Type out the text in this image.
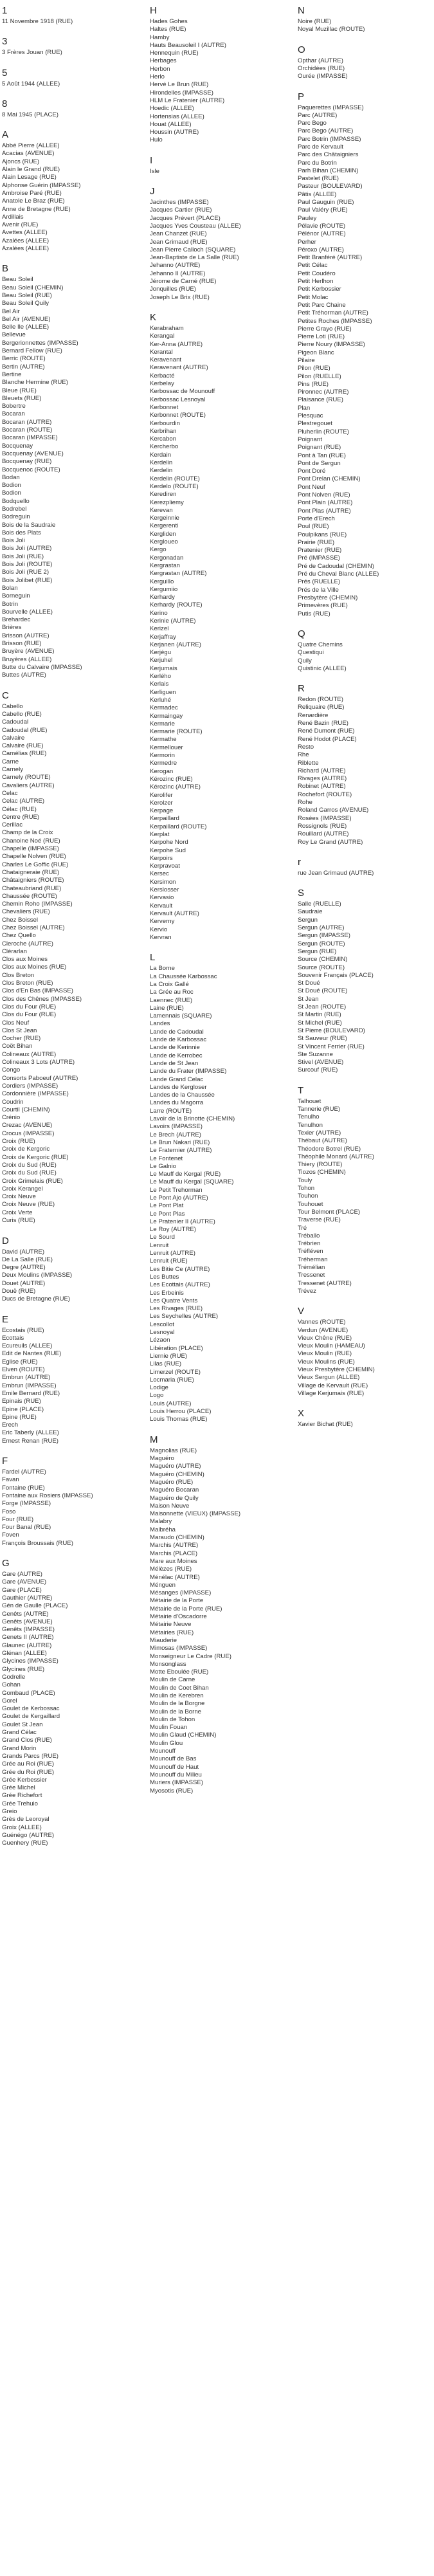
1
11 Novembre 1918 (RUE)
3
3 Frères Jouan (RUE)
5
5 Août 1944 (ALLEE)
8
8 Mai 1945 (PLACE)
A
Abbé Pierre (ALLEE)
Acacias (AVENUE)
Ajoncs (RUE)
Alain le Grand (RUE)
Alain Lesage (RUE)
Alphonse Guérin (IMPASSE)
Ambroise Paré (RUE)
Anatole Le Braz (RUE)
Anne de Bretagne (RUE)
Ardillais
Avenir (RUE)
Avettes (ALLEE)
Azalées (ALLEE)
Azalées (ALLEE)
B
Beau Soleil
Beau Soleil (CHEMIN)
Beau Soleil (RUE)
Beau Soleil Quily
Bel Air
Bel Air (AVENUE)
Belle Ile (ALLEE)
Bellevue
Bergerionnettes (IMPASSE)
Bernard Fellow (RUE)
Berric (ROUTE)
Bertin (AUTRE)
Bertine
Blanche Hermine (RUE)
Bleue (RUE)
Bleuets (RUE)
Bobertre
Bocaran
Bocaran (AUTRE)
Bocaran (ROUTE)
Bocaran (IMPASSE)
Bocquenay
Bocquenay (AVENUE)
Bocquenay (RUE)
Bocquenoc (ROUTE)
Bodan
Bodion
Bodion
Bodquello
Bodrebel
Bodreguin
Bois de la Saudraie
Bois des Plats
Bois Joli
Bois Joli (AUTRE)
Bois Joli (RUE)
Bois Joli (ROUTE)
Bois Joli (RUE 2)
Bois Jolibet (RUE)
Bolan
Borneguin
Botrin
Bourvelle (ALLEE)
Brehardec
Brières
Brisson (AUTRE)
Brisson (RUE)
Bruyère (AVENUE)
Bruyères (ALLEE)
Butte du Calvaire (IMPASSE)
Buttes (AUTRE)
C
Cabello
Cabello (RUE)
Cadoudal
Cadoudal (RUE)
Calvaire
Calvaire (RUE)
Camélias (RUE)
Carne
Carnely
Carnely (ROUTE)
Cavaliers (AUTRE)
Celac
Celac (AUTRE)
Célac (RUE)
Centre (RUE)
Cerillac
Champ de la Croix
Chanoine Noé (RUE)
Chapelle (IMPASSE)
Chapelle Nolven (RUE)
Charles Le Goffic (RUE)
Chataigneraie (RUE)
Châtaigniers (ROUTE)
Chateaubriand (RUE)
Chaussée (ROUTE)
Chemin Roho (IMPASSE)
Chevaliers (RUE)
Chez Boissel
Chez Boissel (AUTRE)
Chez Quello
Cleroche (AUTRE)
Clérarlan
Clos aux Moines
Clos aux Moines (RUE)
Clos Breton
Clos Breton (RUE)
Clos d'En Bas (IMPASSE)
Clos des Chênes (IMPASSE)
Clos du Four (RUE)
Clos du Four (RUE)
Clos Neuf
Clos St Jean
Cocher (RUE)
Coët Bihan
Colineaux (AUTRE)
Colineaux 3 Lots (AUTRE)
Congo
Consorts Paboeuf (AUTRE)
Cordiers (IMPASSE)
Cordonnière (IMPASSE)
Coudrin
Courtil (CHEMIN)
Crénio
Crezac (AVENUE)
Crocus (IMPASSE)
Croix (RUE)
Croix de Kergoric
Croix de Kergoric (RUE)
Croix du Sud (RUE)
Croix du Sud (RUE)
Croix Grimelais (RUE)
Croix Kerangel
Croix Neuve
Croix Neuve (RUE)
Croix Verte
Curis (RUE)
D
David (AUTRE)
De La Salle (RUE)
Degre (AUTRE)
Deux Moulins (IMPASSE)
Douet (AUTRE)
Douë (RUE)
Ducs de Bretagne (RUE)
E
Ecostais (RUE)
Ecottais
Ecureuils (ALLEE)
Edit de Nantes (RUE)
Eglise (RUE)
Elven (ROUTE)
Embrun (AUTRE)
Embrun (IMPASSE)
Emile Bernard (RUE)
Epinais (RUE)
Epine (PLACE)
Epine (RUE)
Erech
Eric Taberly (ALLEE)
Ernest Renan (RUE)
F
Fardel (AUTRE)
Favan
Fontaine (RUE)
Fontaine aux Rosiers (IMPASSE)
Forge (IMPASSE)
Foso
Four (RUE)
Four Banal (RUE)
Foven
François Broussais (RUE)
G
Gare (AUTRE)
Gare (AVENUE)
Gare (PLACE)
Gauthier (AUTRE)
Gén de Gaulle (PLACE)
Genêts (AUTRE)
Genêts (AVENUE)
Genêts (IMPASSE)
Genets II (AUTRE)
Glaunec (AUTRE)
Glénan (ALLEE)
Glycines (IMPASSE)
Glycines (RUE)
Godrelle
Gohan
Gombaud (PLACE)
Gorel
Goulet de Kerbossac
Goulet de Kergaillard
Goulet St Jean
Grand Célac
Grand Clos (RUE)
Grand Morin
Grands Parcs (RUE)
Grée au Roi (RUE)
Grée du Roi (RUE)
Grée Kerbessier
Grée Michel
Grée Richefort
Grée Trehuio
Greio
Grès de Leoroyal
Groix (ALLEE)
Guénégo (AUTRE)
Guenhery (RUE)
H
Hades Gohes
Haltes (RUE)
Hamby
Hauts Beausoleil I (AUTRE)
Hennequin (RUE)
Herbages
Herbon
Herlo
Hervé Le Brun (RUE)
Hirondelles (IMPASSE)
HLM Le Fratenier (AUTRE)
Hoedic (ALLEE)
Hortensias (ALLEE)
Houat (ALLEE)
Houssin (AUTRE)
Hulo
I
Isle
J
Jacinthes (IMPASSE)
Jacques Cartier (RUE)
Jacques Prévert (PLACE)
Jacques Yves Cousteau (ALLEE)
Jean Chanzet (RUE)
Jean Grimaud (RUE)
Jean Pierre Calloch (SQUARE)
Jean-Baptiste de La Salle (RUE)
Jehanno (AUTRE)
Jehanno II (AUTRE)
Jérome de Carné (RUE)
Jonquilles (RUE)
Joseph Le Brix (RUE)
K
Kerabraham
Kerangal
Ker-Anna (AUTRE)
Kerantal
Keravenant
Keravenant (AUTRE)
Kerbacté
Kerbelay
Kerbossac de Mounouff
Kerbossac Lesnoyal
Kerbonnet
Kerbonnet (ROUTE)
Kerbourdin
Kerbrihan
Kercabon
Kercherbo
Kerdain
Kerdelin
Kerdelin
Kerdelin (ROUTE)
Kerdelo (ROUTE)
Kerediren
Kerezpliemy
Kerevan
Kergeinnie
Kergerenti
Kergliden
Kergloueo
Kergo
Kergonadan
Kergrastan
Kergrastan (AUTRE)
Kerguillo
Kergumiio
Kerhardy
Kerhardy (ROUTE)
Kerino
Kerinie (AUTRE)
Kerizel
Kerjaffray
Kerjanen (AUTRE)
Kerjégu
Kerjuhel
Kerjumais
Kerlého
Kerlais
Kerliguen
Kerluhé
Kermadec
Kermaingay
Kermarie
Kermarie (ROUTE)
Kermathe
Kermellouer
Kermorin
Kermedre
Kerogan
Kérozinc (RUE)
Kérozinc (AUTRE)
Kerolifer
Kerolzer
Kerpage
Kerpaillard
Kerpaillard (ROUTE)
Kerplat
Kerpohe Nord
Kerpohe Sud
Kerpoirs
Kerpravoat
Kersec
Kersimon
Kerslosser
Kervasio
Kervault
Kervault (AUTRE)
Kerverny
Kervio
Kervran
L
La Borne
La Chaussée Karbossac
La Croix Gallé
La Grée au Roc
Laennec (RUE)
Laine (RUE)
Lamennais (SQUARE)
Landes
Lande de Cadoudal
Lande de Karbossac
Lande de Kerinnie
Lande de Kerrobec
Lande de St Jean
Lande du Frater (IMPASSE)
Lande Grand Celac
Landes de Kergloser
Landes de la Chaussée
Landes du Magorra
Larre (ROUTE)
Lavoir de la Brinotte (CHEMIN)
Lavoirs (IMPASSE)
Le Brech (AUTRE)
Le Brun Nakari (RUE)
Le Fraternier (AUTRE)
Le Fontenet
Le Galnio
Le Mauff de Kergal (RUE)
Le Mauff du Kergal (SQUARE)
Le Petit Trehorman
Le Pont Ajo (AUTRE)
Le Pont Plat
Le Pont Plas
Le Pratenier II (AUTRE)
Le Roy (AUTRE)
Le Sourd
Lenruit
Lenruit (AUTRE)
Lenruit (RUE)
Les Bitie Ce (AUTRE)
Les Buttes
Les Ecottais (AUTRE)
Les Erbeinis
Les Quatre Vents
Les Rivages (RUE)
Les Seychelles (AUTRE)
Lescollot
Lesnoyal
Lézaon
Libération (PLACE)
Liernie (RUE)
Lilas (RUE)
Limerzel (ROUTE)
Locmaria (RUE)
Lodige
Logo
Louis (AUTRE)
Louis Herrou (PLACE)
Louis Thomas (RUE)
M
Magnolias (RUE)
Maguéro
Maguéro (AUTRE)
Maguéro (CHEMIN)
Maguéro (RUE)
Maguéro Bocaran
Maguéro de Quily
Maison Neuve
Maisonnette (VIEUX) (IMPASSE)
Malabry
Malbréha
Maraudo (CHEMIN)
Marchis (AUTRE)
Marchis (PLACE)
Mare aux Moines
Mélèzes (RUE)
Ménélac (AUTRE)
Ménguen
Mésanges (IMPASSE)
Métairie de la Porte
Métairie de la Porte (RUE)
Métairie d'Oscadorre
Métairie Neuve
Métairies (RUE)
Miauderie
Mimosas (IMPASSE)
Monseigneur Le Cadre (RUE)
Monsonglass
Motte Eboulée (RUE)
Moulin de Carne
Moulin de Coet Bihan
Moulin de Kerebren
Moulin de la Borgne
Moulin de la Borne
Moulin de Tohon
Moulin Fouan
Moulin Glaud (CHEMIN)
Moulin Glou
Mounouff
Mounouff de Bas
Mounouff de Haut
Mounouff du Milieu
Muriers (IMPASSE)
Myosotis (RUE)
N
Noire (RUE)
Noyal Muzillac (ROUTE)
O
Opthar (AUTRE)
Orchidées (RUE)
Ourée (IMPASSE)
P
Paquerettes (IMPASSE)
Parc (AUTRE)
Parc Bego
Parc Bego (AUTRE)
Parc Botrin (IMPASSE)
Parc de Kervault
Parc des Châtaigniers
Parc du Botrin
Parh Bihan (CHEMIN)
Pastelet (RUE)
Pasteur (BOULEVARD)
Pâtis (ALLEE)
Paul Gauguin (RUE)
Paul Valéry (RUE)
Pauley
Pélavie (ROUTE)
Pélénor (AUTRE)
Perher
Péroxo (AUTRE)
Petit Branféré (AUTRE)
Petit Célac
Petit Coudéro
Petit Herlhon
Petit Kerbossier
Petit Molac
Petit Parc Chaine
Petit Tréhorman (AUTRE)
Petites Roches (IMPASSE)
Pierre Grayo (RUE)
Pierre Loti (RUE)
Pierre Noury (IMPASSE)
Pigeon Blanc
Pilaire
Pilon (RUE)
Pilon (RUELLE)
Pins (RUE)
Pironnec (AUTRE)
Plaisance (RUE)
Plan
Plesquac
Plestregouet
Pluherlin (ROUTE)
Poignant
Poignant (RUE)
Pont à Tan (RUE)
Pont de Sergun
Pont Doré
Pont Drelan (CHEMIN)
Pont Neuf
Pont Nolven (RUE)
Pont Plain (AUTRE)
Pont Plas (AUTRE)
Porte d'Erech
Poul (RUE)
Poulpikans (RUE)
Prairie (RUE)
Pratenier (RUE)
Pré (IMPASSE)
Pré de Cadoudal (CHEMIN)
Pré du Cheval Blanc (ALLEE)
Prés (RUELLE)
Prés de la Ville
Presbytère (CHEMIN)
Primevères (RUE)
Putis (RUE)
Q
Quatre Chemins
Questiqui
Quily
Quistinic (ALLEE)
R
Redon (ROUTE)
Reliquaire (RUE)
Renardière
René Bazin (RUE)
René Dumont (RUE)
René Hodot (PLACE)
Resto
Rhe
Riblette
Richard (AUTRE)
Rivages (AUTRE)
Robinet (AUTRE)
Rochefort (ROUTE)
Rohe
Roland Garros (AVENUE)
Rosées (IMPASSE)
Rossignols (RUE)
Rouillard (AUTRE)
Roy Le Grand (AUTRE)
r
rue Jean Grimaud (AUTRE)
S
Salle (RUELLE)
Saudraie
Sergun
Sergun (AUTRE)
Sergun (IMPASSE)
Sergun (ROUTE)
Sergun (RUE)
Source (CHEMIN)
Source (ROUTE)
Souvenir Français (PLACE)
St Doué
St Doué (ROUTE)
St Jean
St Jean (ROUTE)
St Martin (RUE)
St Michel (RUE)
St Pierre (BOULEVARD)
St Sauveur (RUE)
St Vincent Ferrier (RUE)
Ste Suzanne
Stivel (AVENUE)
Surcouf (RUE)
T
Talhouet
Tannerie (RUE)
Tenulho
Tenulhon
Texier (AUTRE)
Thébaut (AUTRE)
Théodore Botrel (RUE)
Théophile Monard (AUTRE)
Thiery (ROUTE)
Tiozos (CHEMIN)
Touly
Tohon
Touhon
Touhouet
Tour Belmont (PLACE)
Traverse (RUE)
Tré
Tréballo
Trébrien
Tréfléven
Tréherman
Trémélian
Tressenet
Tressenet (AUTRE)
Trévez
V
Vannes (ROUTE)
Verdun (AVENUE)
Vieux Chêne (RUE)
Vieux Moulin (HAMEAU)
Vieux Moulin (RUE)
Vieux Moulins (RUE)
Vieux Presbytère (CHEMIN)
Vieux Sergun (ALLEE)
Village de Kervault (RUE)
Village Kerjumais (RUE)
X
Xavier Bichat (RUE)
